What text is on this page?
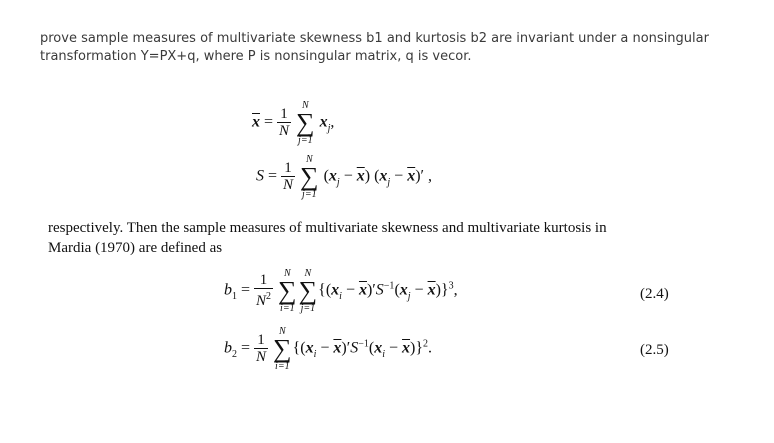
prove sample measures of multivariate skewness b1 and kurtosis b2 are invariant under a nonsingular
transformation Y=PX+q, where P is nonsingular matrix, q is vecor.
$\overline{x} = \frac{1}{N}$

N
∑
j=1
$x_j$,
$S = \frac{1}{N}$

N
∑
j=1
$(x_j - \overline{x}) (x_j - \overline{x})'$ ,
respectively. Then the sample measures of multivariate skewness and multivariate kurtosis in
Mardia (1970) are defined as
$b_1 = \frac{1}{N^2}$
	N
∑
i=1
N
∑
j=1
$\{(x_i - \overline{x})'S^{-1}(x_j - \overline{x})\}^3$,	(2.4)
$b_2 = \frac{1}{N}$

N
∑
i=1
$\{(x_i - \overline{x})'S^{-1}(x_i - \overline{x})\}^2$.	(2.5)
